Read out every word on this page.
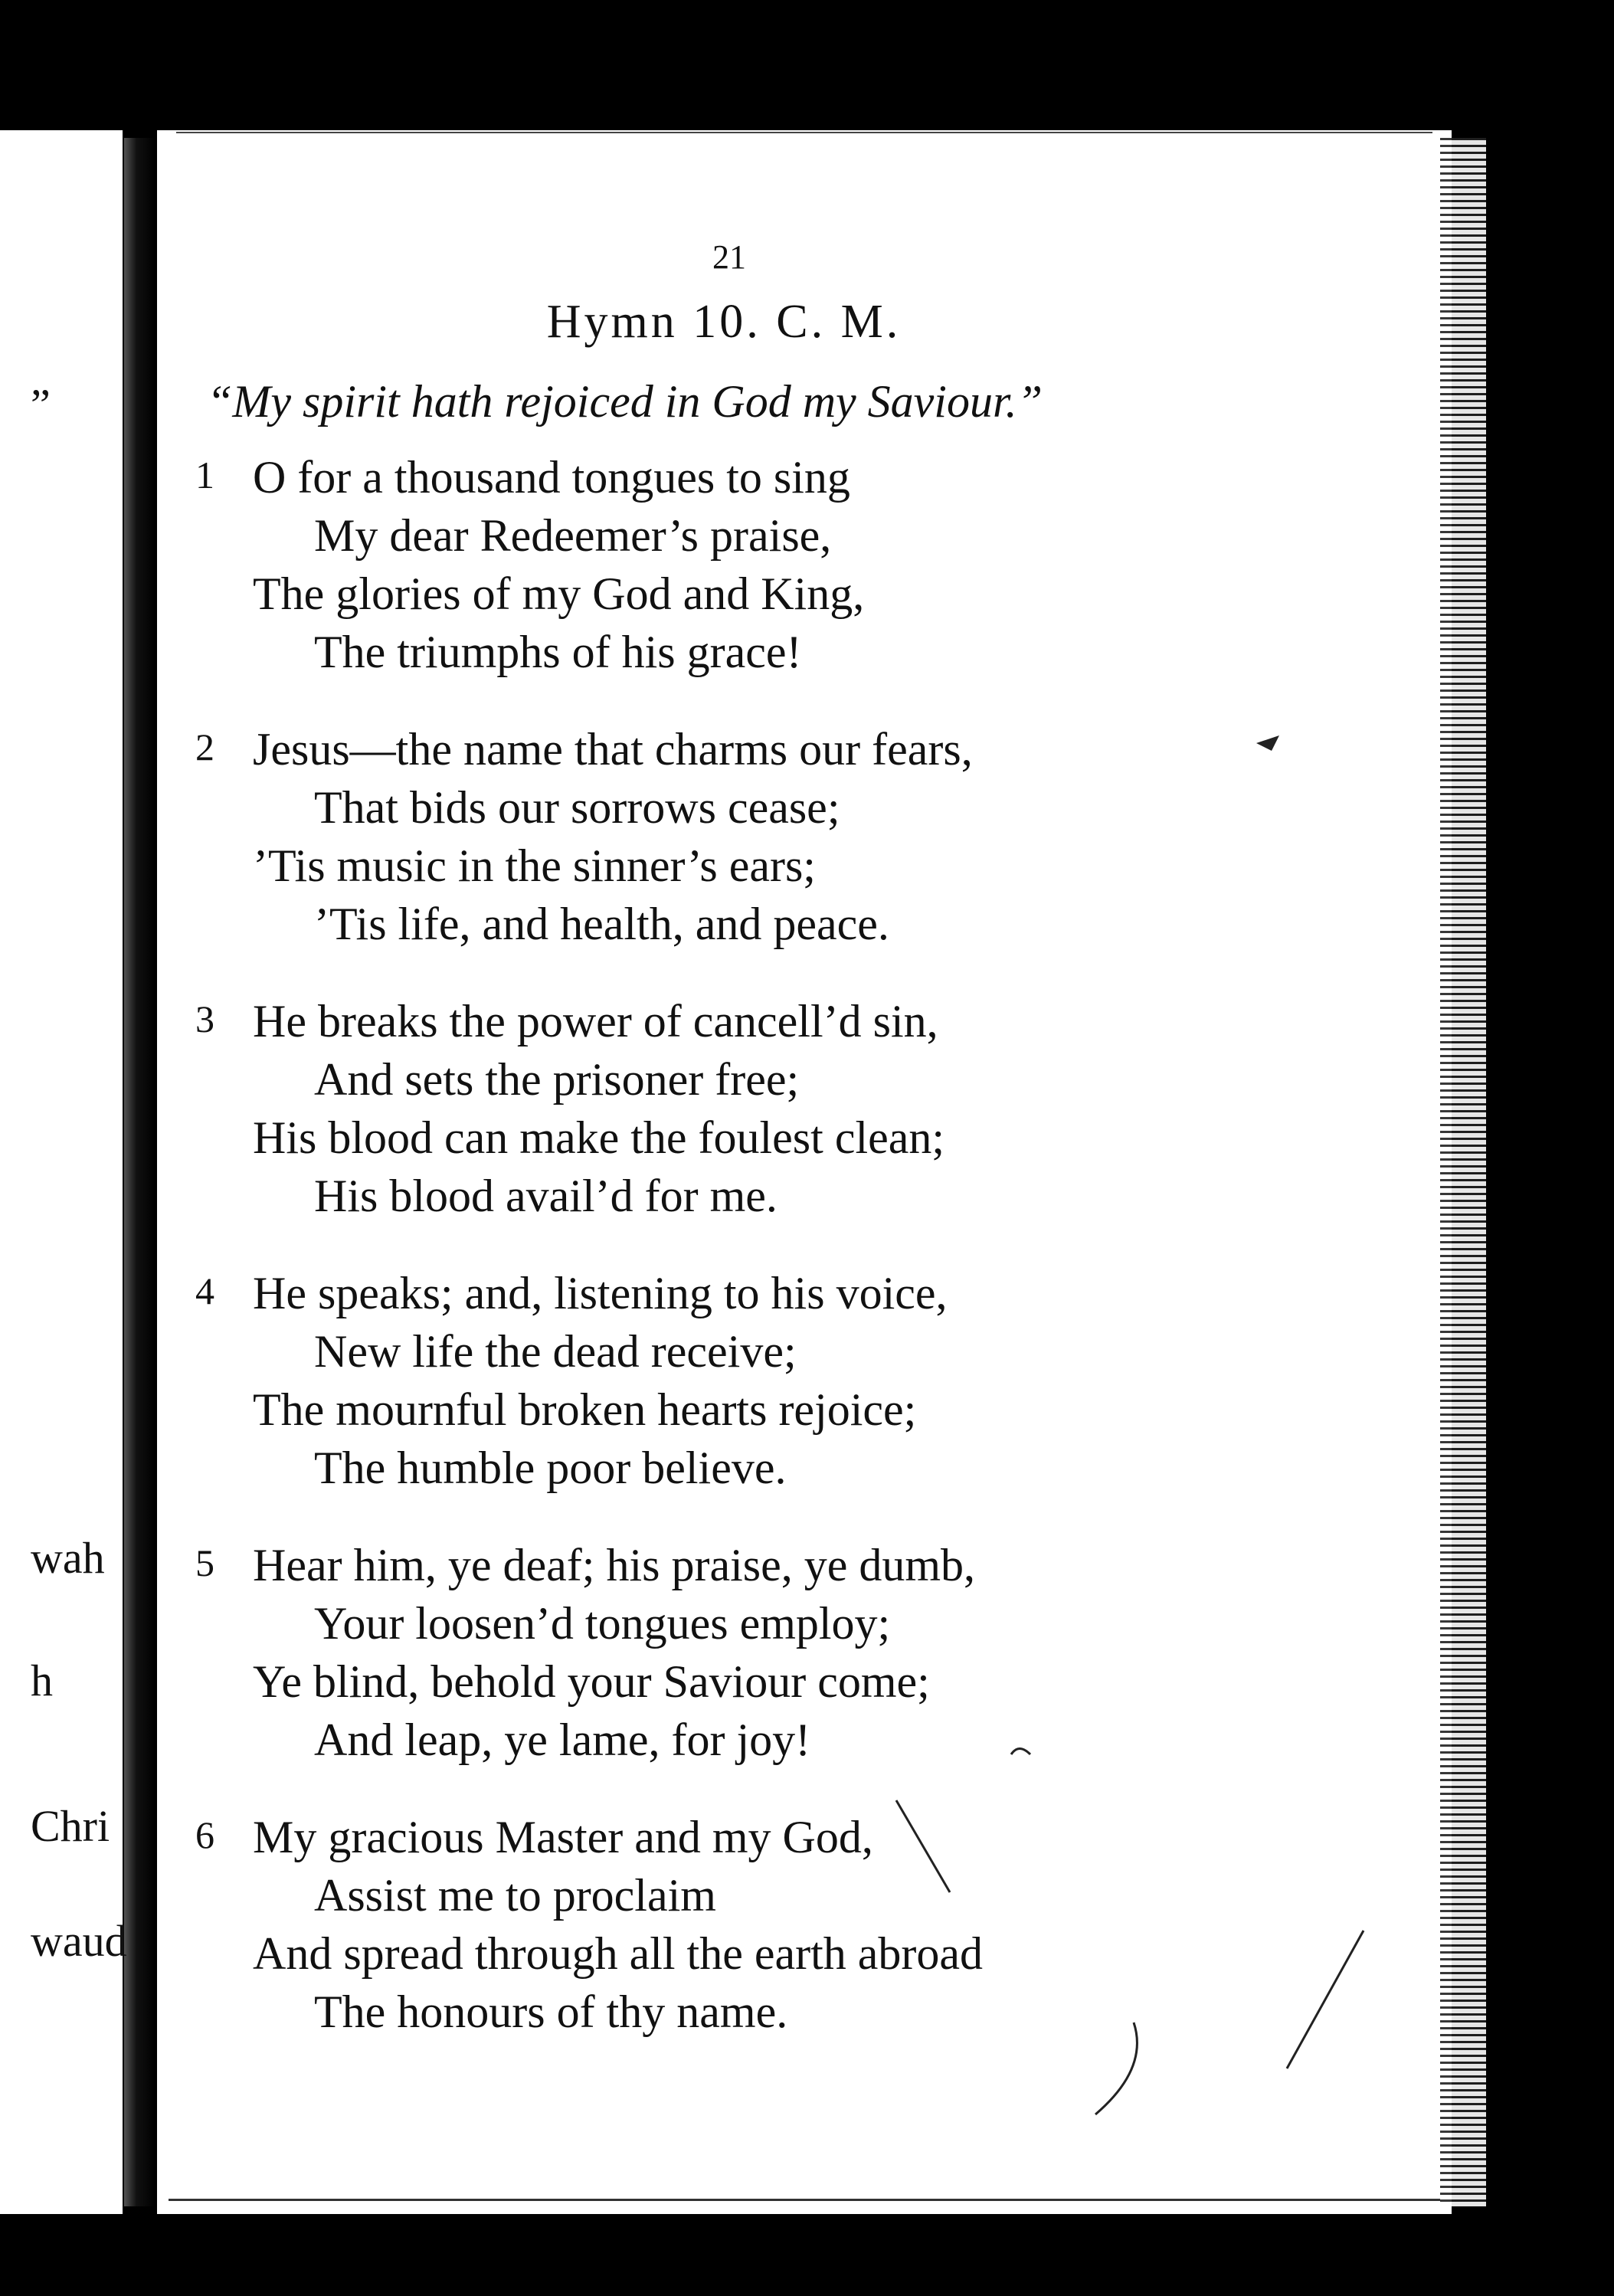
”
wah
h
Chri
waud
21
Hymn 10. C. M.
“My spirit hath rejoiced in God my Saviour.”
1 O for a thousand tongues to sing
My dear Redeemer’s praise,
The glories of my God and King,
The triumphs of his grace!
2 Jesus—the name that charms our fears,
That bids our sorrows cease;
’Tis music in the sinner’s ears;
’Tis life, and health, and peace.
3 He breaks the power of cancell’d sin,
And sets the prisoner free;
His blood can make the foulest clean;
His blood avail’d for me.
4 He speaks; and, listening to his voice,
New life the dead receive;
The mournful broken hearts rejoice;
The humble poor believe.
5 Hear him, ye deaf; his praise, ye dumb,
Your loosen’d tongues employ;
Ye blind, behold your Saviour come;
And leap, ye lame, for joy!
6 My gracious Master and my God,
Assist me to proclaim
And spread through all the earth abroad
The honours of thy name.
